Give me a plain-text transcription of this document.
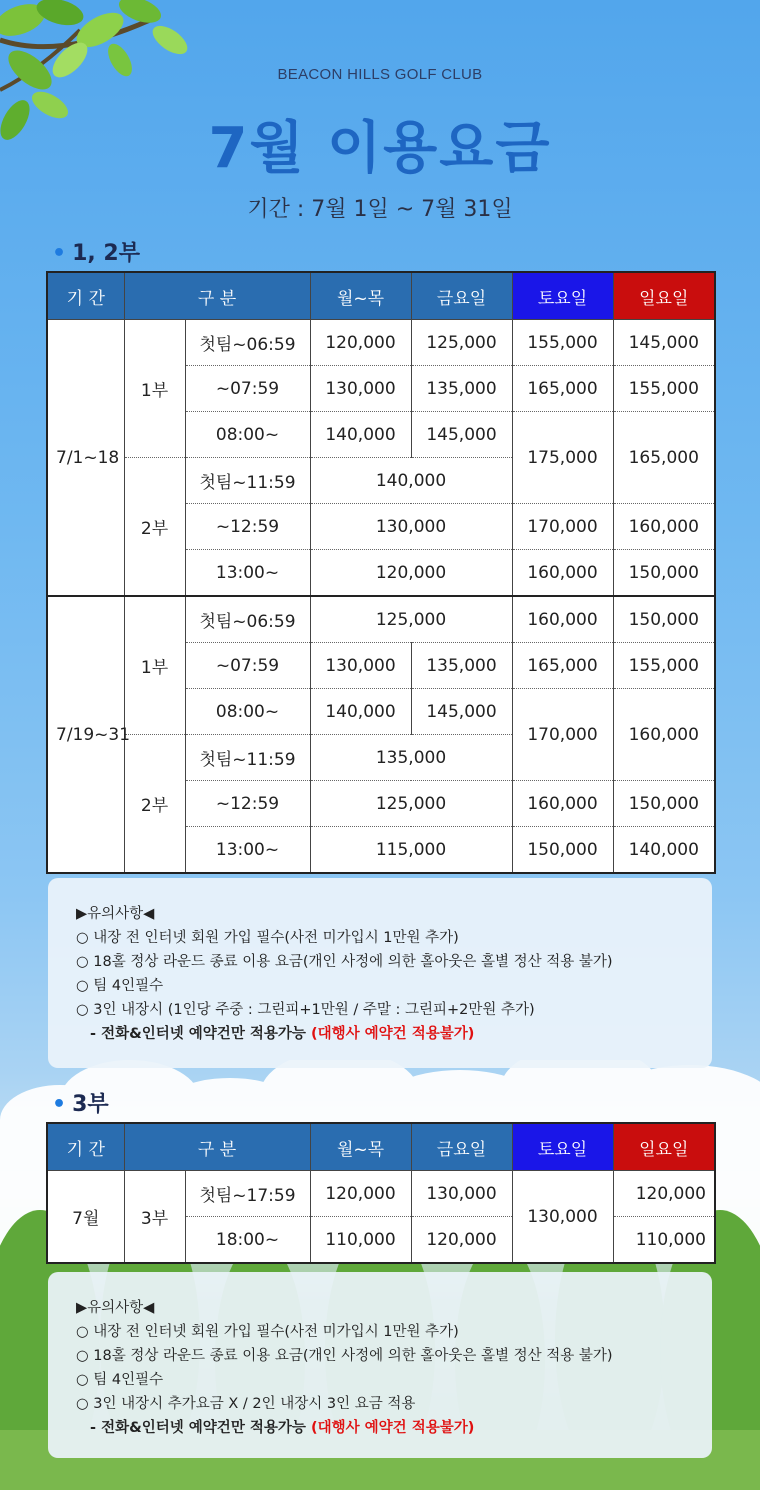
BEACON HILLS GOLF CLUB
7월 이용요금
기간 : 7월 1일 ~ 7월 31일
• 1, 2부
기 간	구 분		월~목	금요일	토요일	일요일
7/1~18	1부	첫팀~06:59	120,000	125,000	155,000	145,000
		~07:59	130,000	135,000	165,000	155,000
		08:00~	140,000	145,000	175,000	165,000
	2부	첫팀~11:59	140,000			
		~12:59	130,000		170,000	160,000
		13:00~	120,000		160,000	150,000
7/19~31	1부	첫팀~06:59	125,000		160,000	150,000
		~07:59	130,000	135,000	165,000	155,000
		08:00~	140,000	145,000	170,000	160,000
	2부	첫팀~11:59	135,000			
		~12:59	125,000		160,000	150,000
		13:00~	115,000		150,000	140,000
▶유의사항◀
○ 내장 전 인터넷 회원 가입 필수(사전 미가입시 1만원 추가)
○ 18홀 정상 라운드 종료 이용 요금(개인 사정에 의한 홀아웃은 홀별 정산 적용 불가)
○ 팀 4인필수
○ 3인 내장시 (1인당 주중 : 그린피+1만원 / 주말 : 그린피+2만원 추가)
- 전화&인터넷 예약건만 적용가능 (대행사 예약건 적용불가)
• 3부
기 간	구 분		월~목	금요일	토요일	일요일
7월	3부	첫팀~17:59	120,000	130,000	130,000	120,000
		18:00~	110,000	120,000		110,000
▶유의사항◀
○ 내장 전 인터넷 회원 가입 필수(사전 미가입시 1만원 추가)
○ 18홀 정상 라운드 종료 이용 요금(개인 사정에 의한 홀아웃은 홀별 정산 적용 불가)
○ 팀 4인필수
○ 3인 내장시 추가요금 X / 2인 내장시 3인 요금 적용
- 전화&인터넷 예약건만 적용가능 (대행사 예약건 적용불가)
